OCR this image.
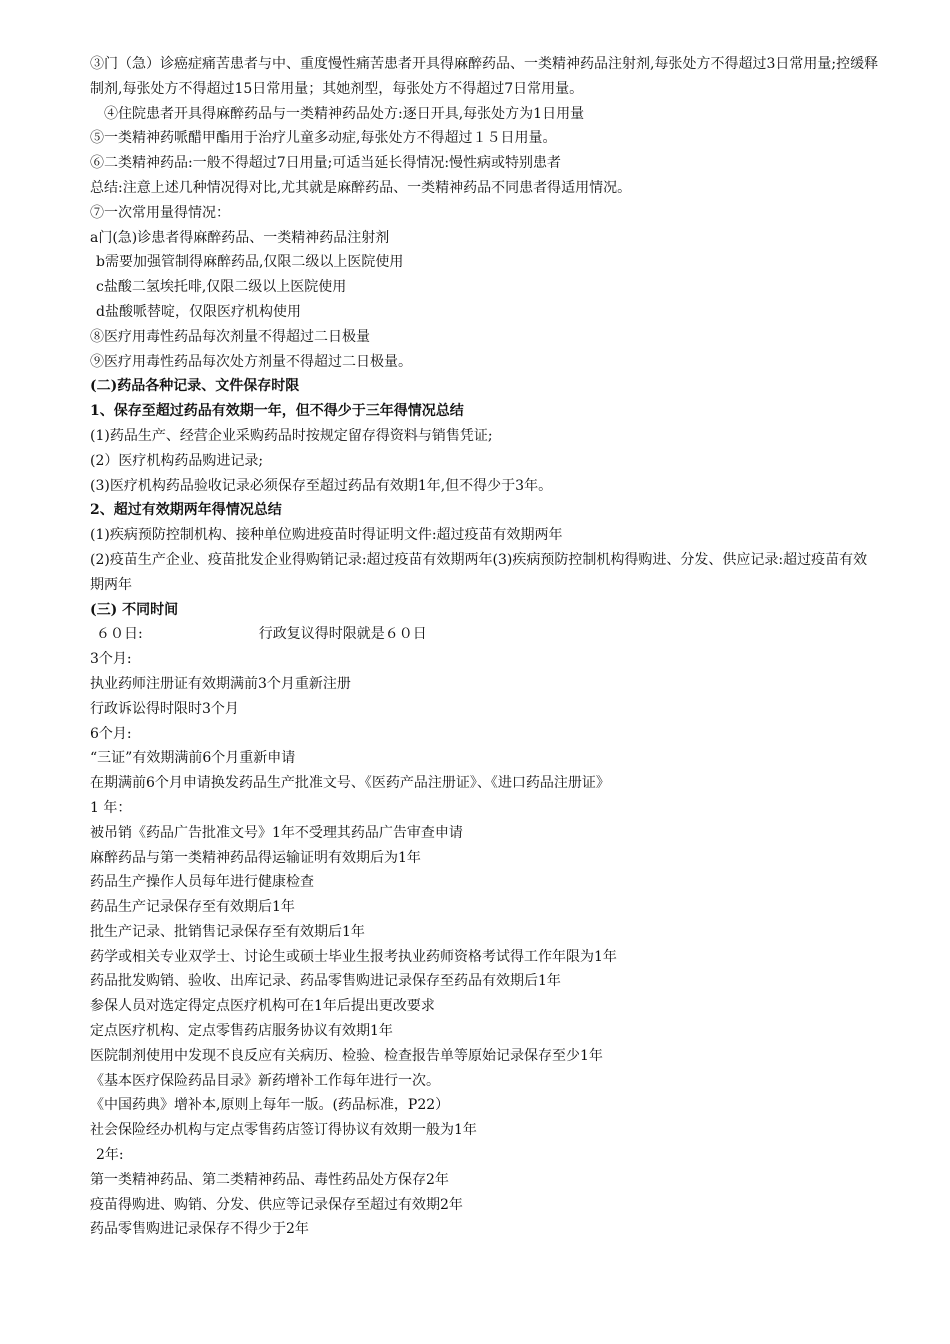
③门（急）诊癌症痛苦患者与中、重度慢性痛苦患者开具得麻醉药品、一类精神药品注射剂,每张处方不得超过3日常用量;控缓释制剂,每张处方不得超过15日常用量；其她剂型，每张处方不得超过7日常用量。
④住院患者开具得麻醉药品与一类精神药品处方:逐日开具,每张处方为1日用量
⑤一类精神药哌醋甲酯用于治疗儿童多动症,每张处方不得超过１５日用量。
⑥二类精神药品:一般不得超过7日用量;可适当延长得情况:慢性病或特别患者
总结:注意上述几种情况得对比,尤其就是麻醉药品、一类精神药品不同患者得适用情况。
⑦一次常用量得情况：
a门(急)诊患者得麻醉药品、一类精神药品注射剂
b需要加强管制得麻醉药品,仅限二级以上医院使用
c盐酸二氢埃托啡,仅限二级以上医院使用
d盐酸哌替啶，仅限医疗机构使用
⑧医疗用毒性药品每次剂量不得超过二日极量
⑨医疗用毒性药品每次处方剂量不得超过二日极量。
(二)药品各种记录、文件保存时限
1、保存至超过药品有效期一年，但不得少于三年得情况总结
(1)药品生产、经营企业采购药品时按规定留存得资料与销售凭证;
(2）医疗机构药品购进记录;
(3)医疗机构药品验收记录必须保存至超过药品有效期1年,但不得少于3年。
2、超过有效期两年得情况总结
(1)疾病预防控制机构、接种单位购进疫苗时得证明文件:超过疫苗有效期两年
(2)疫苗生产企业、疫苗批发企业得购销记录:超过疫苗有效期两年(3)疾病预防控制机构得购进、分发、供应记录:超过疫苗有效期两年
(三) 不同时间
６０日:	行政复议得时限就是６０日
3个月:
执业药师注册证有效期满前3个月重新注册
行政诉讼得时限时3个月
6个月:
“三证”有效期满前6个月重新申请
在期满前6个月申请换发药品生产批准文号、《医药产品注册证》、《进口药品注册证》
1 年：
被吊销《药品广告批准文号》1年不受理其药品广告审查申请
麻醉药品与第一类精神药品得运输证明有效期后为1年
药品生产操作人员每年进行健康检查
药品生产记录保存至有效期后1年
批生产记录、批销售记录保存至有效期后1年
药学或相关专业双学士、讨论生或硕士毕业生报考执业药师资格考试得工作年限为1年
药品批发购销、验收、出库记录、药品零售购进记录保存至药品有效期后1年
参保人员对选定得定点医疗机构可在1年后提出更改要求
定点医疗机构、定点零售药店服务协议有效期1年
医院制剂使用中发现不良反应有关病历、检验、检查报告单等原始记录保存至少1年
《基本医疗保险药品目录》新药增补工作每年进行一次。
《中国药典》增补本,原则上每年一版。(药品标准，P22）
社会保险经办机构与定点零售药店签订得协议有效期一般为1年
2年:
第一类精神药品、第二类精神药品、毒性药品处方保存2年
疫苗得购进、购销、分发、供应等记录保存至超过有效期2年
药品零售购进记录保存不得少于2年
